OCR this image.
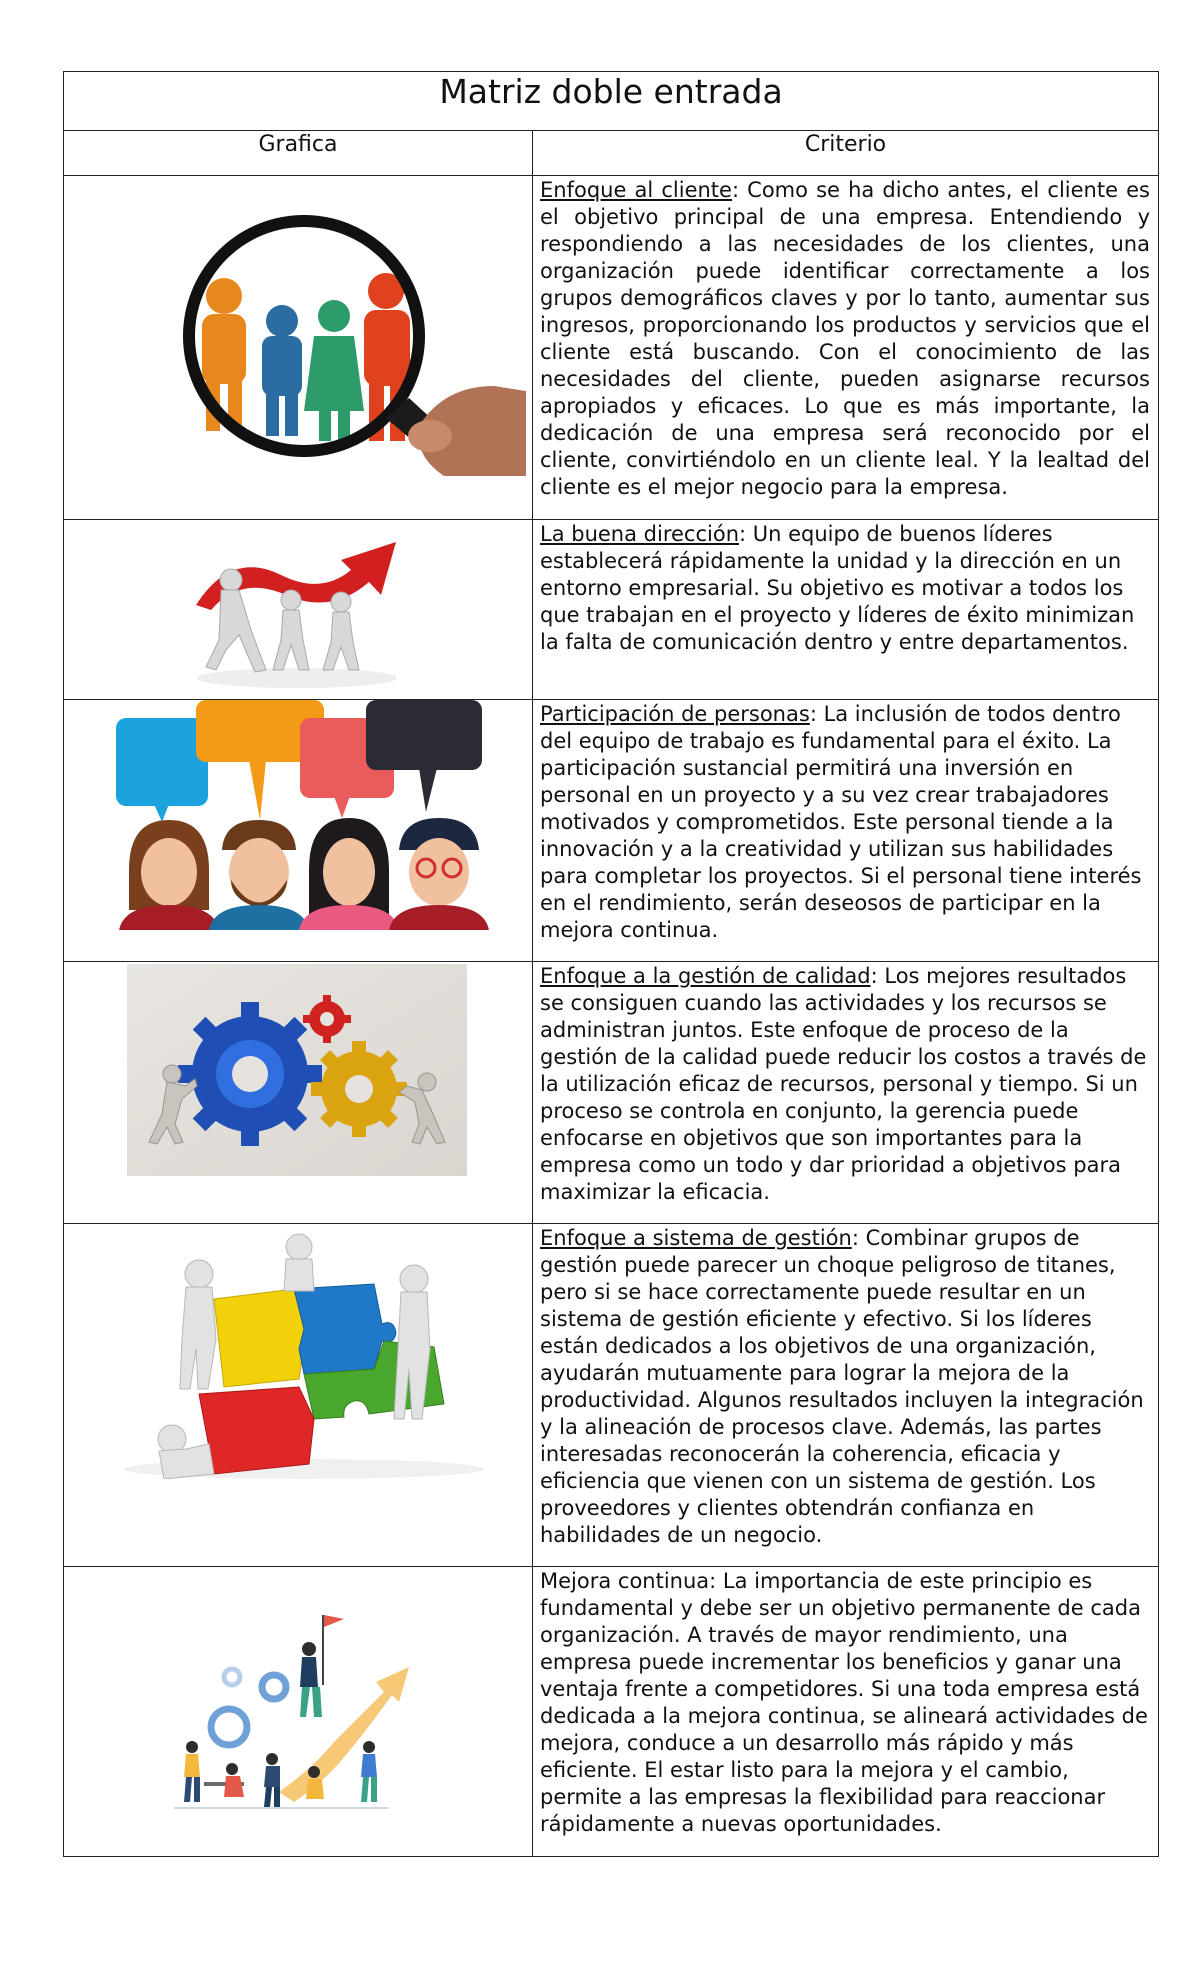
Matriz doble entrada	
Grafica	Criterio

Enfoque al cliente: Como se ha dicho antes, el cliente es el objetivo principal de una empresa. Entendiendo y respondiendo a las necesidades de los clientes, una organización puede identificar correctamente a los grupos demográficos claves y por lo tanto, aumentar sus ingresos, proporcionando los productos y servicios que el cliente está buscando. Con el conocimiento de las necesidades del cliente, pueden asignarse recursos apropiados y eficaces. Lo que es más importante, la dedicación de una empresa será reconocido por el cliente, convirtiéndolo en un cliente leal. Y la lealtad del cliente es el mejor negocio para la empresa.

La buena dirección: Un equipo de buenos líderes establecerá rápidamente la unidad y la dirección en un entorno empresarial. Su objetivo es motivar a todos los que trabajan en el proyecto y líderes de éxito minimizan la falta de comunicación dentro y entre departamentos.

Participación de personas: La inclusión de todos dentro del equipo de trabajo es fundamental para el éxito. La participación sustancial permitirá una inversión en personal en un proyecto y a su vez crear trabajadores motivados y comprometidos. Este personal tiende a la innovación y a la creatividad y utilizan sus habilidades para completar los proyectos. Si el personal tiene interés en el rendimiento, serán deseosos de participar en la mejora continua.

Enfoque a la gestión de calidad: Los mejores resultados se consiguen cuando las actividades y los recursos se administran juntos. Este enfoque de proceso de la gestión de la calidad puede reducir los costos a través de la utilización eficaz de recursos, personal y tiempo. Si un proceso se controla en conjunto, la gerencia puede enfocarse en objetivos que son importantes para la empresa como un todo y dar prioridad a objetivos para maximizar la eficacia.

Enfoque a sistema de gestión: Combinar grupos de gestión puede parecer un choque peligroso de titanes, pero si se hace correctamente puede resultar en un sistema de gestión eficiente y efectivo. Si los líderes están dedicados a los objetivos de una organización, ayudarán mutuamente para lograr la mejora de la productividad. Algunos resultados incluyen la integración y la alineación de procesos clave. Además, las partes interesadas reconocerán la coherencia, eficacia y eficiencia que vienen con un sistema de gestión. Los proveedores y clientes obtendrán confianza en habilidades de un negocio.

Mejora continua: La importancia de este principio es fundamental y debe ser un objetivo permanente de cada organización. A través de mayor rendimiento, una empresa puede incrementar los beneficios y ganar una ventaja frente a competidores. Si una toda empresa está dedicada a la mejora continua, se alineará actividades de mejora, conduce a un desarrollo más rápido y más eficiente. El estar listo para la mejora y el cambio, permite a las empresas la flexibilidad para reaccionar rápidamente a nuevas oportunidades.
